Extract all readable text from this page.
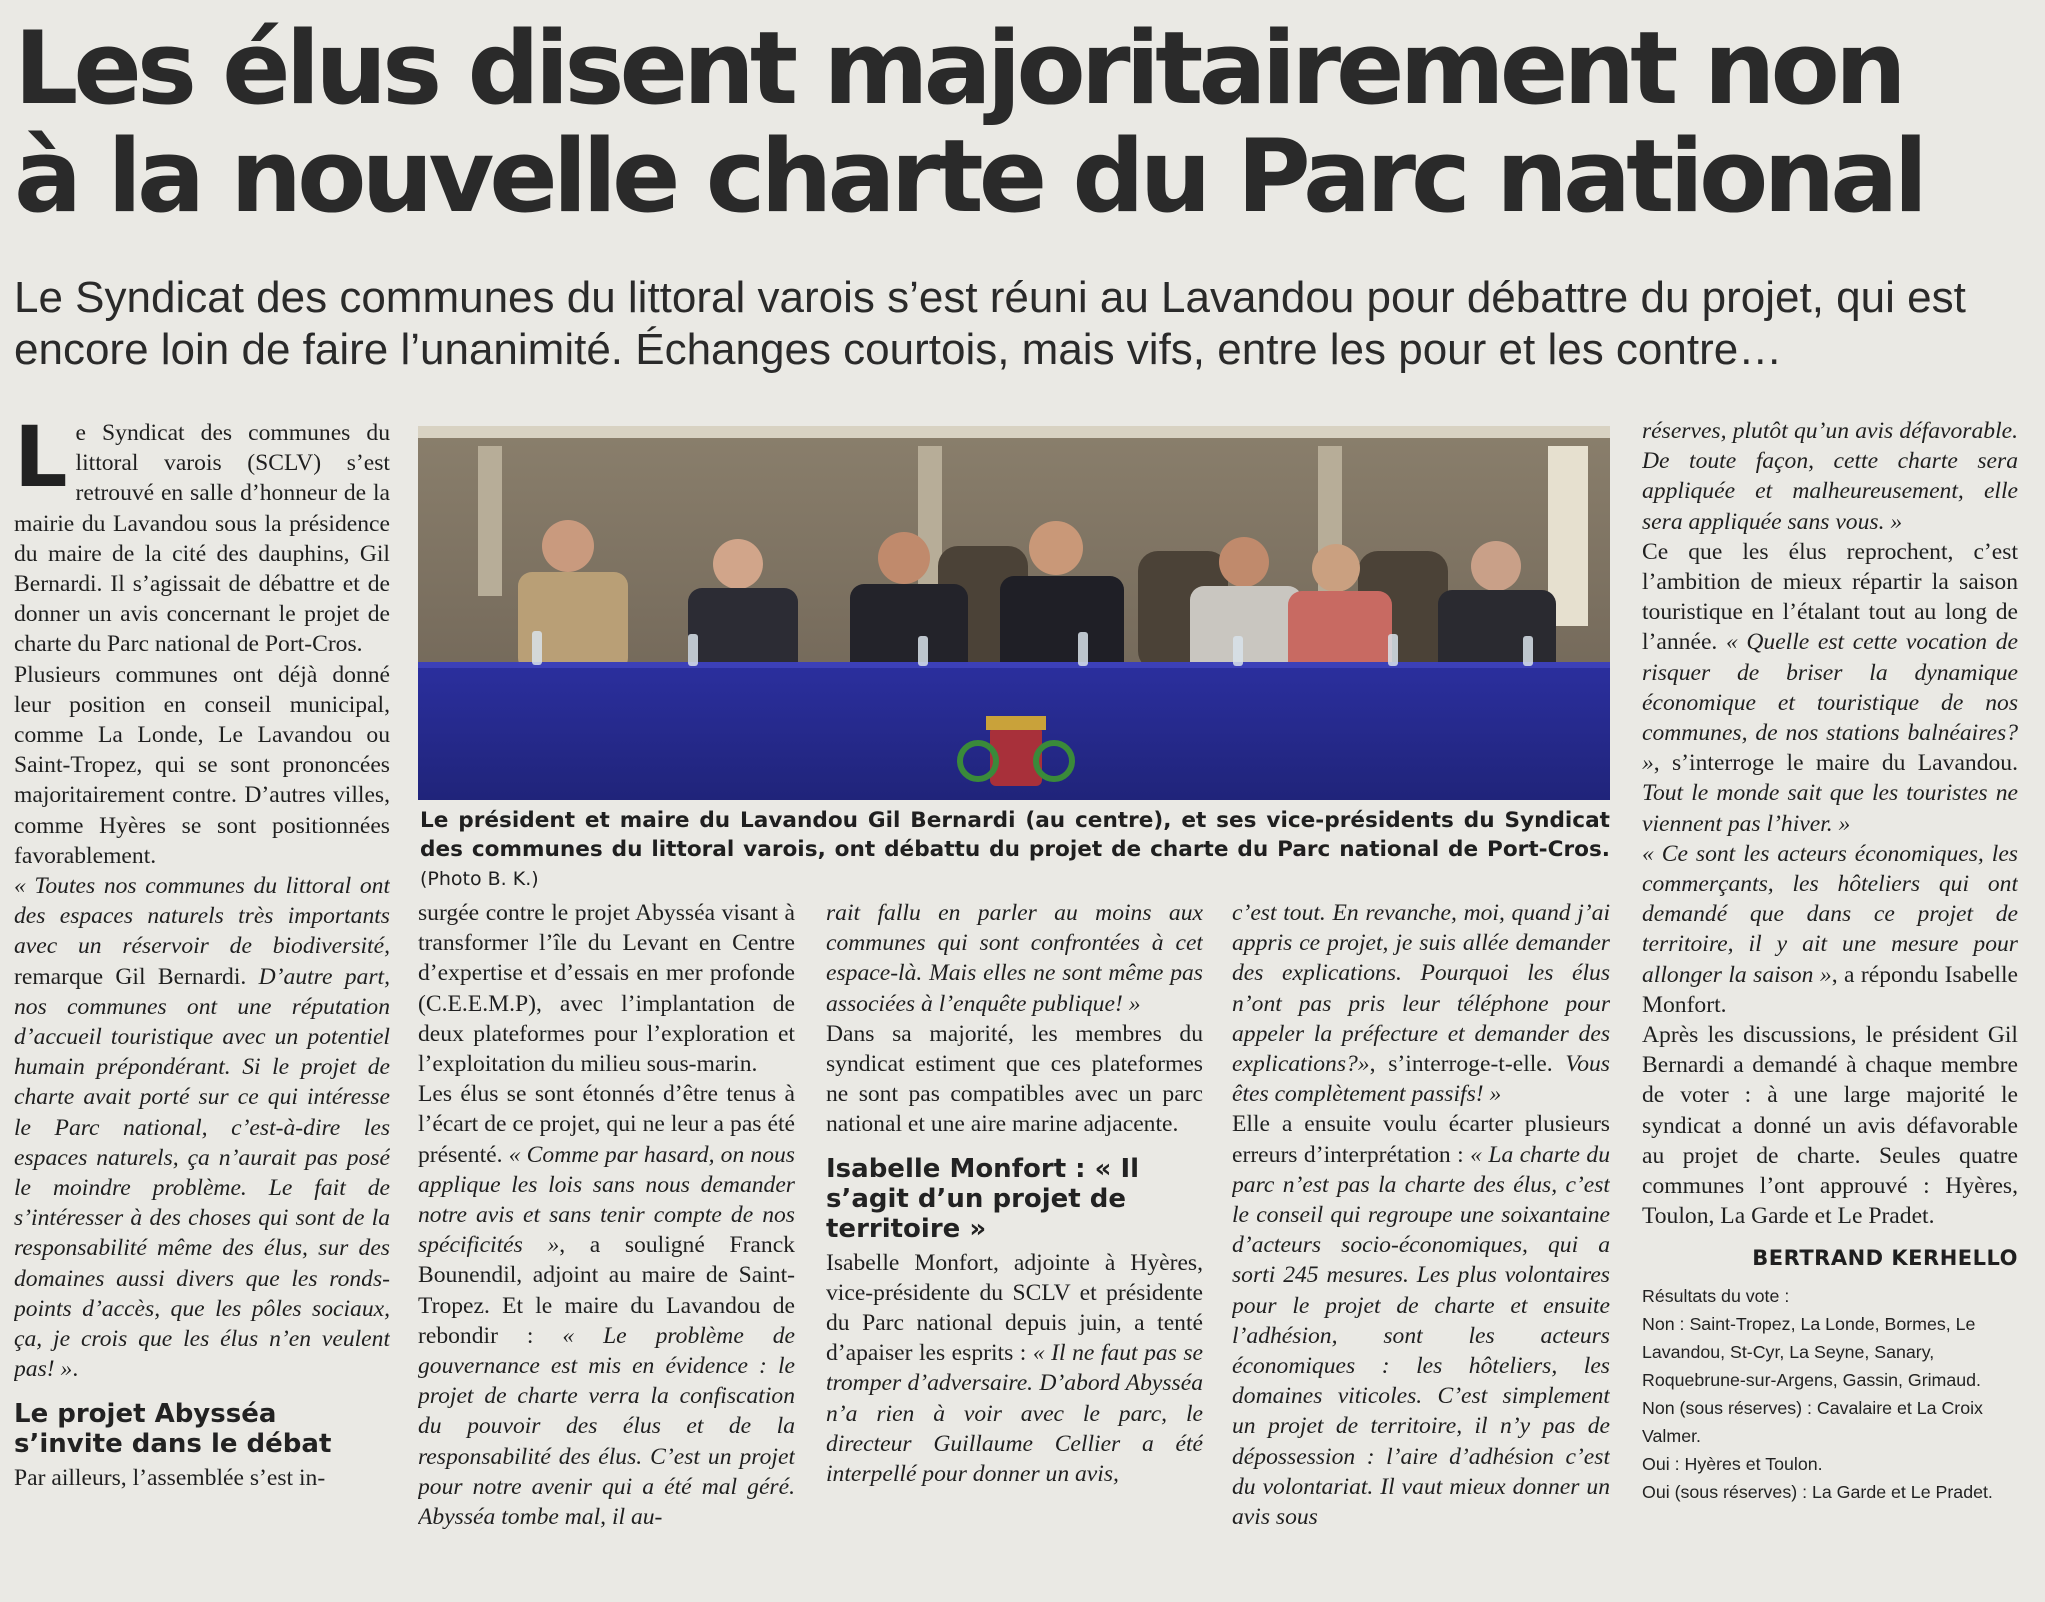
Les élus disent majoritairement non
à la nouvelle charte du Parc national

Le Syndicat des communes du littoral varois s’est réuni au Lavandou pour débattre du projet, qui est
encore loin de faire l’unanimité. Échanges courtois, mais vifs, entre les pour et les contre…

Le Syndicat des communes du littoral varois (SCLV) s’est retrouvé en salle d’honneur de la mairie du Lavandou sous la présidence du maire de la cité des dauphins, Gil Bernardi. Il s’agissait de débattre et de donner un avis concernant le projet de charte du Parc national de Port-Cros.

Plusieurs communes ont déjà donné leur position en conseil municipal, comme La Londe, Le Lavandou ou Saint-Tropez, qui se sont prononcées majoritairement contre. D’autres villes, comme Hyères se sont positionnées favorablement.

« Toutes nos communes du littoral ont des espaces naturels très importants avec un réservoir de biodiversité, remarque Gil Bernardi. D’autre part, nos communes ont une réputation d’accueil touristique avec un potentiel humain prépondérant. Si le projet de charte avait porté sur ce qui intéresse le Parc national, c’est-à-dire les espaces naturels, ça n’aurait pas posé le moindre problème. Le fait de s’intéresser à des choses qui sont de la responsabilité même des élus, sur des domaines aussi divers que les ronds-points d’accès, que les pôles sociaux, ça, je crois que les élus n’en veulent pas! ».

Le projet Abysséa s’invite dans le débat

Par ailleurs, l’assemblée s’est in-

Le président et maire du Lavandou Gil Bernardi (au centre), et ses vice-présidents du Syndicat des communes du littoral varois, ont débattu du projet de charte du Parc national de Port-Cros. (Photo B. K.)

surgée contre le projet Abysséa visant à transformer l’île du Levant en Centre d’expertise et d’essais en mer profonde (C.E.E.M.P), avec l’implantation de deux plateformes pour l’exploration et l’exploitation du milieu sous-marin.

Les élus se sont étonnés d’être tenus à l’écart de ce projet, qui ne leur a pas été présenté. « Comme par hasard, on nous applique les lois sans nous demander notre avis et sans tenir compte de nos spécificités », a souligné Franck Bounendil, adjoint au maire de Saint-Tropez. Et le maire du Lavandou de rebondir : « Le problème de gouvernance est mis en évidence : le projet de charte verra la confiscation du pouvoir des élus et de la responsabilité des élus. C’est un projet pour notre avenir qui a été mal géré. Abysséa tombe mal, il au-

rait fallu en parler au moins aux communes qui sont confrontées à cet espace-là. Mais elles ne sont même pas associées à l’enquête publique! »

Dans sa majorité, les membres du syndicat estiment que ces plateformes ne sont pas compatibles avec un parc national et une aire marine adjacente.

Isabelle Monfort : « Il s’agit d’un projet de territoire »

Isabelle Monfort, adjointe à Hyères, vice-présidente du SCLV et présidente du Parc national depuis juin, a tenté d’apaiser les esprits : « Il ne faut pas se tromper d’adversaire. D’abord Abysséa n’a rien à voir avec le parc, le directeur Guillaume Cellier a été interpellé pour donner un avis,

c’est tout. En revanche, moi, quand j’ai appris ce projet, je suis allée demander des explications. Pourquoi les élus n’ont pas pris leur téléphone pour appeler la préfecture et demander des explications?», s’interroge-t-elle. Vous êtes complètement passifs! »

Elle a ensuite voulu écarter plusieurs erreurs d’interprétation : « La charte du parc n’est pas la charte des élus, c’est le conseil qui regroupe une soixantaine d’acteurs socio-économiques, qui a sorti 245 mesures. Les plus volontaires pour le projet de charte et ensuite l’adhésion, sont les acteurs économiques : les hôteliers, les domaines viticoles. C’est simplement un projet de territoire, il n’y pas de dépossession : l’aire d’adhésion c’est du volontariat. Il vaut mieux donner un avis sous

réserves, plutôt qu’un avis défavorable. De toute façon, cette charte sera appliquée et malheureusement, elle sera appliquée sans vous. »

Ce que les élus reprochent, c’est l’ambition de mieux répartir la saison touristique en l’étalant tout au long de l’année. « Quelle est cette vocation de risquer de briser la dynamique économique et touristique de nos communes, de nos stations balnéaires? », s’interroge le maire du Lavandou. Tout le monde sait que les touristes ne viennent pas l’hiver. »

« Ce sont les acteurs économiques, les commerçants, les hôteliers qui ont demandé que dans ce projet de territoire, il y ait une mesure pour allonger la saison », a répondu Isabelle Monfort.

Après les discussions, le président Gil Bernardi a demandé à chaque membre de voter : à une large majorité le syndicat a donné un avis défavorable au projet de charte. Seules quatre communes l’ont approuvé : Hyères, Toulon, La Garde et Le Pradet.

BERTRAND KERHELLO
Résultats du vote :
Non : Saint-Tropez, La Londe, Bormes, Le Lavandou, St-Cyr, La Seyne, Sanary, Roquebrune-sur-Argens, Gassin, Grimaud.
Non (sous réserves) : Cavalaire et La Croix Valmer.
Oui : Hyères et Toulon.
Oui (sous réserves) : La Garde et Le Pradet.
